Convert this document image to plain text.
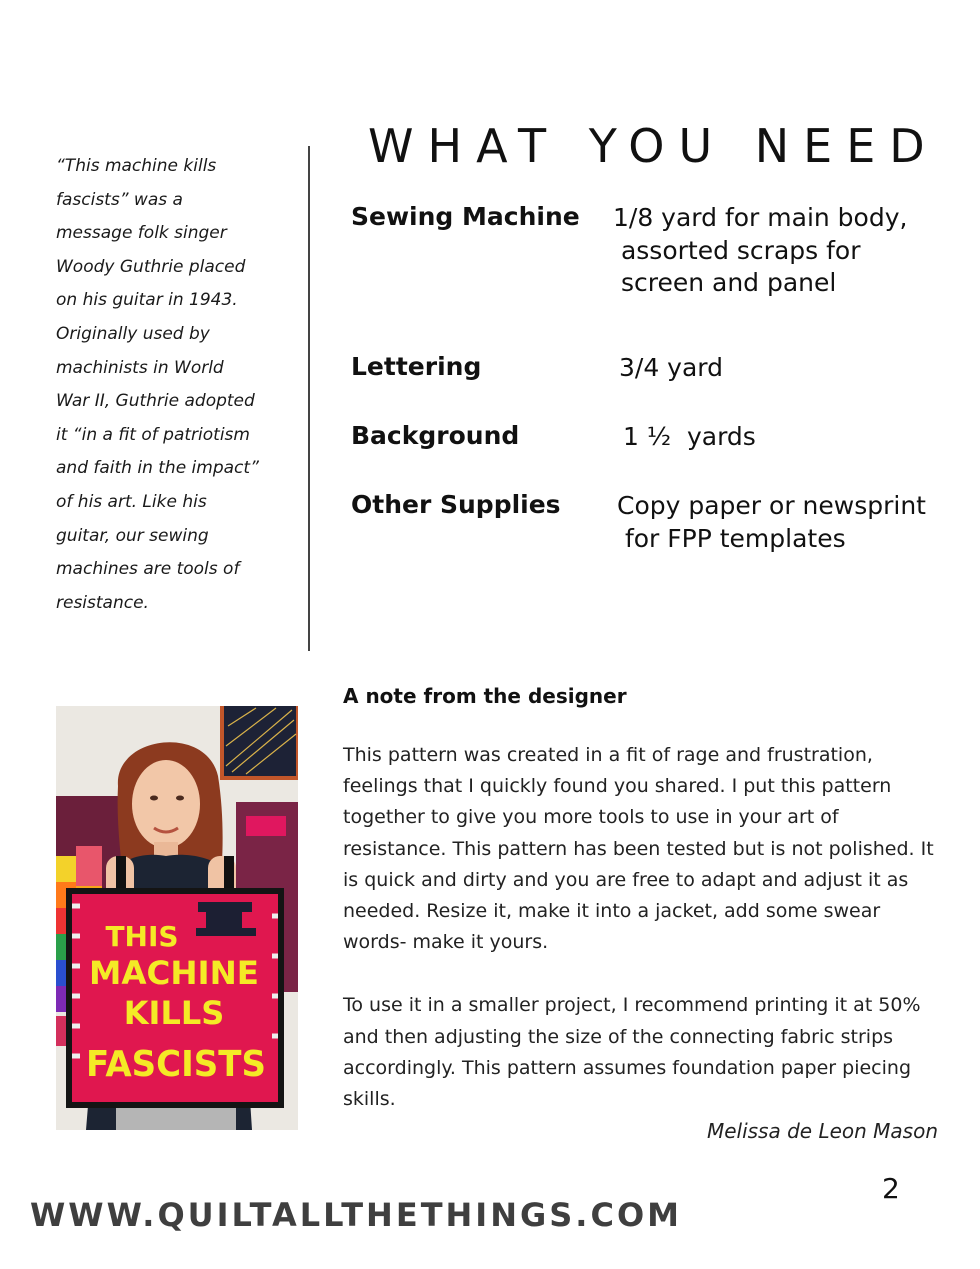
WHAT YOU NEED
“This machine kills fascists” was a message folk singer Woody Guthrie placed on his guitar in 1943. Originally used by machinists in World War II, Guthrie adopted it “in a fit of patriotism and faith in the impact” of his art. Like his guitar, our sewing machines are tools of resistance.
Sewing Machine 1/8 yard for main body,
assorted scraps for
screen and panel
Lettering	3/4 yard
Background	1 ½  yards
Other Supplies Copy paper or newsprint
for FPP templates
THIS
MACHINE
KILLS
FASCISTS

A note from the designer

This pattern was created in a fit of rage and frustration, feelings that I quickly found you shared. I put this pattern together to give you more tools to use in your art of resistance. This pattern has been tested but is not polished. It is quick and dirty and you are free to adapt and adjust it as needed. Resize it, make it into a jacket, add some swear words- make it yours.

To use it in a smaller project, I recommend printing it at 50% and then adjusting the size of the connecting fabric strips accordingly. This pattern assumes foundation paper piecing skills.

Melissa de Leon Mason
2
WWW.QUILTALLTHETHINGS.COM
